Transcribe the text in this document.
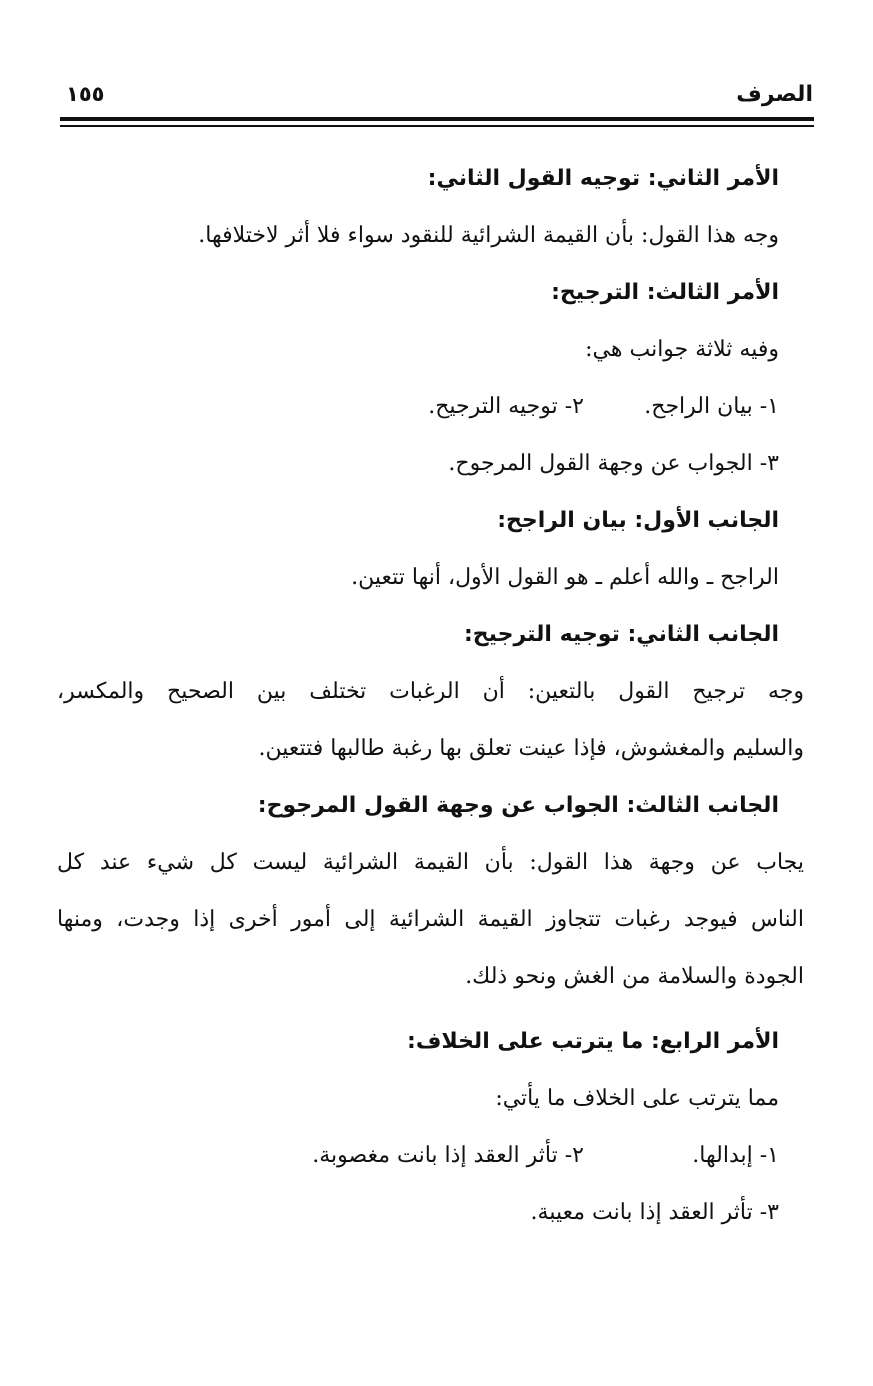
الصرف
١٥٥
الأمر الثاني: توجيه القول الثاني:
وجه هذا القول: بأن القيمة الشرائية للنقود سواء فلا أثر لاختلافها.
الأمر الثالث: الترجيح:
وفيه ثلاثة جوانب هي:
١- بيان الراجح.
٢- توجيه الترجيح.
٣- الجواب عن وجهة القول المرجوح.
الجانب الأول: بيان الراجح:
الراجح ـ والله أعلم ـ هو القول الأول، أنها تتعين.
الجانب الثاني: توجيه الترجيح:
وجه ترجيح القول بالتعين: أن الرغبات تختلف بين الصحيح والمكسر،
والسليم والمغشوش، فإذا عينت تعلق بها رغبة طالبها فتتعين.
الجانب الثالث: الجواب عن وجهة القول المرجوح:
يجاب عن وجهة هذا القول: بأن القيمة الشرائية ليست كل شيء عند كل
الناس فيوجد رغبات تتجاوز القيمة الشرائية إلى أمور أخرى إذا وجدت، ومنها
الجودة والسلامة من الغش ونحو ذلك.
الأمر الرابع: ما يترتب على الخلاف:
مما يترتب على الخلاف ما يأتي:
١- إبدالها.
٢- تأثر العقد إذا بانت مغصوبة.
٣- تأثر العقد إذا بانت معيبة.
